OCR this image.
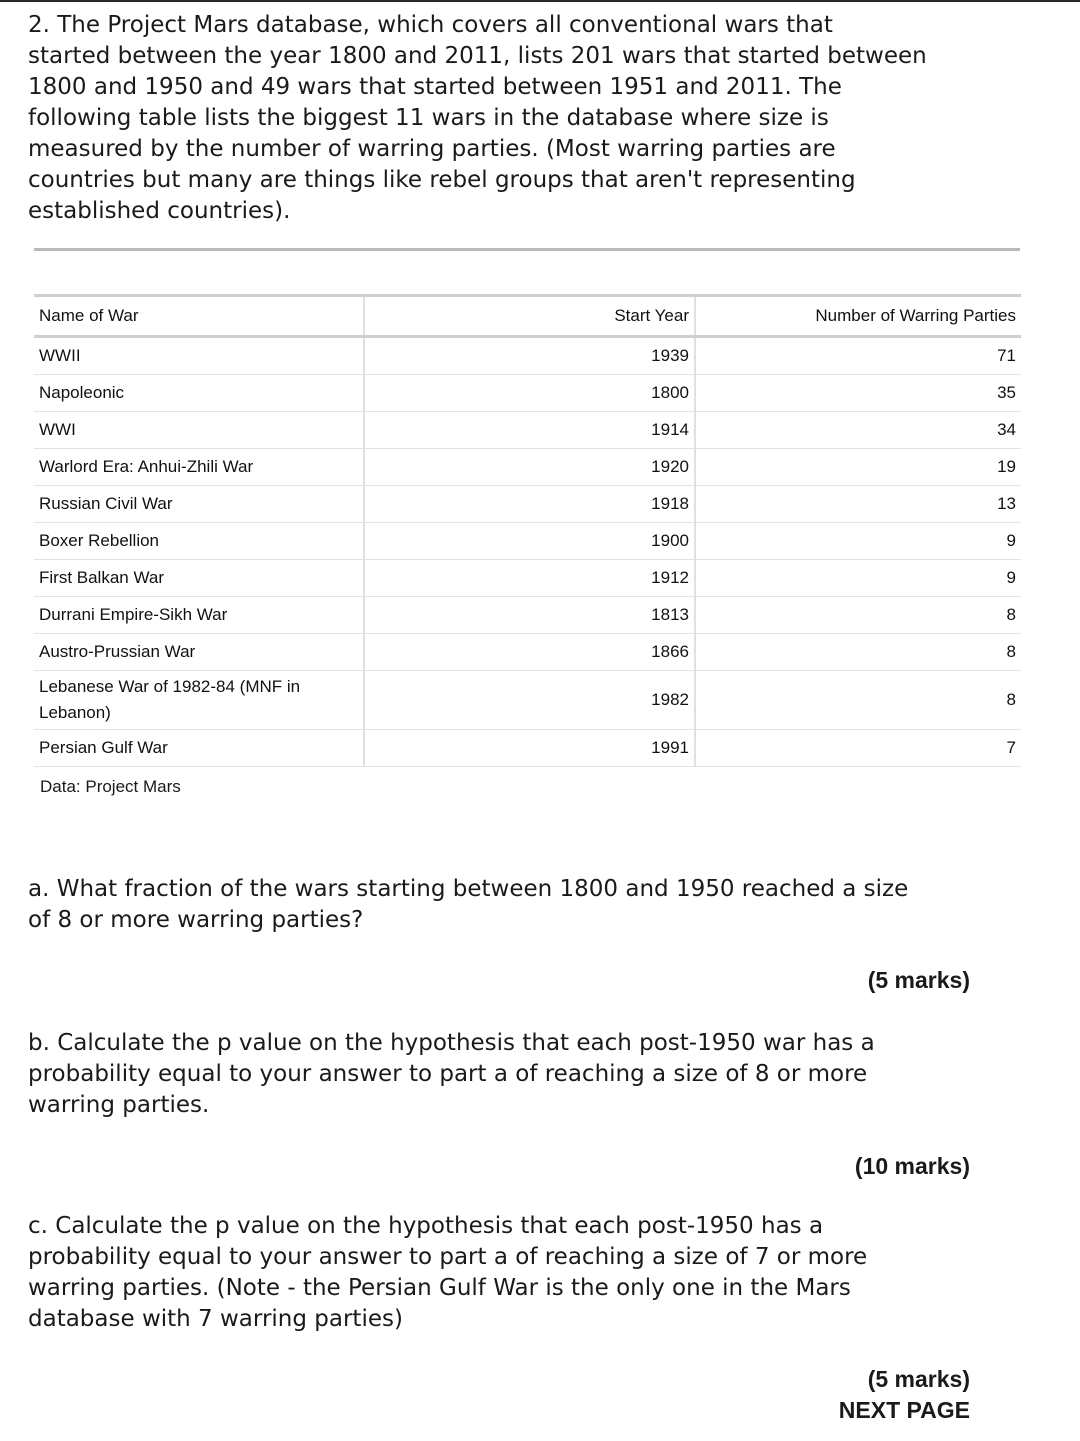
2. The Project Mars database, which covers all conventional wars that
started between the year 1800 and 2011, lists 201 wars that started between
1800 and 1950 and 49 wars that started between 1951 and 2011. The
following table lists the biggest 11 wars in the database where size is
measured by the number of warring parties. (Most warring parties are
countries but many are things like rebel groups that aren't representing
established countries).

Name of War	Start Year	Number of Warring Parties
WWII	1939	71
Napoleonic	1800	35
WWI	1914	34
Warlord Era: Anhui-Zhili War	1920	19
Russian Civil War	1918	13
Boxer Rebellion	1900	9
First Balkan War	1912	9
Durrani Empire-Sikh War	1813	8
Austro-Prussian War	1866	8
Lebanese War of 1982-84 (MNF in
Lebanon)	1982	8
Persian Gulf War	1991	7
Data: Project Mars

a. What fraction of the wars starting between 1800 and 1950 reached a size
of 8 or more warring parties?

(5 marks)

b. Calculate the p value on the hypothesis that each post-1950 war has a
probability equal to your answer to part a of reaching a size of 8 or more
warring parties.

(10 marks)

c. Calculate the p value on the hypothesis that each post-1950 has a
probability equal to your answer to part a of reaching a size of 7 or more
warring parties. (Note - the Persian Gulf War is the only one in the Mars
database with 7 warring parties)

(5 marks)

NEXT PAGE
